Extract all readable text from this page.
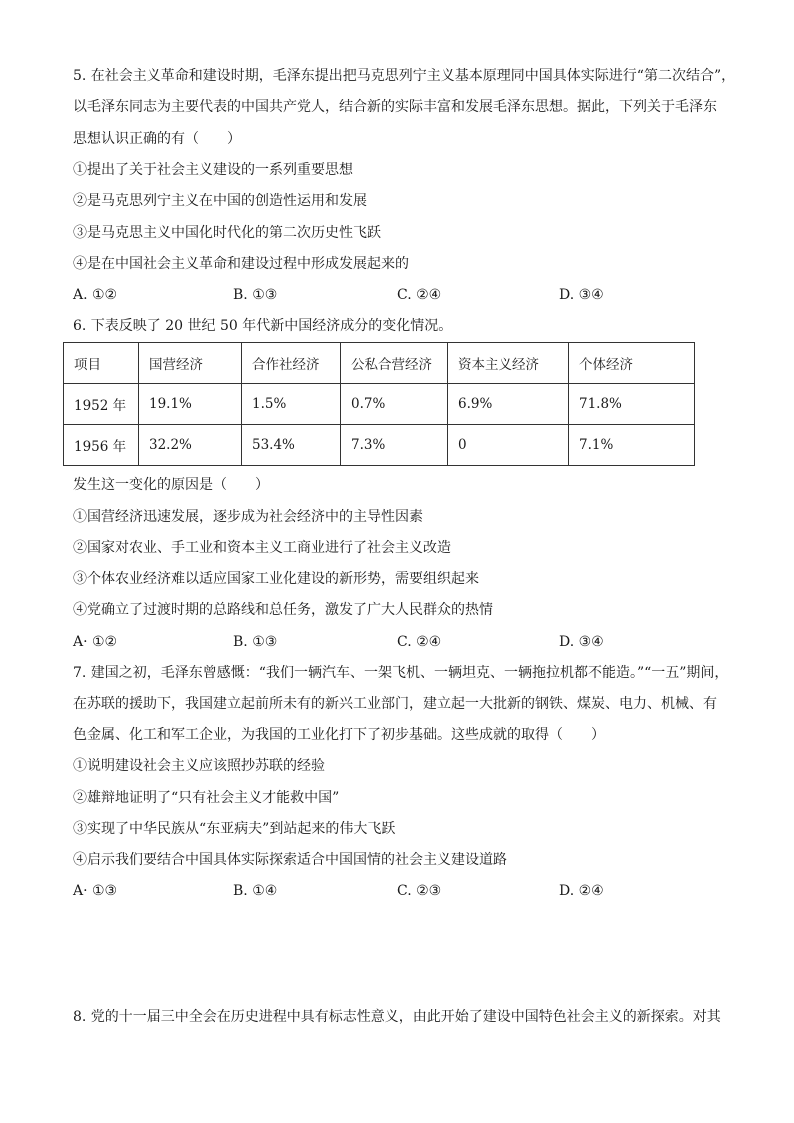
5. 在社会主义革命和建设时期，毛泽东提出把马克思列宁主义基本原理同中国具体实际进行“第二次结合”，
以毛泽东同志为主要代表的中国共产党人，结合新的实际丰富和发展毛泽东思想。据此，下列关于毛泽东
思想认识正确的有（　　）
①提出了关于社会主义建设的一系列重要思想
②是马克思列宁主义在中国的创造性运用和发展
③是马克思主义中国化时代化的第二次历史性飞跃
④是在中国社会主义革命和建设过程中形成发展起来的
A. ①②	B. ①③	C. ②④	D. ③④
6. 下表反映了 20 世纪 50 年代新中国经济成分的变化情况。
项目	国营经济	合作社经济	公私合营经济	资本主义经济	个体经济
1952 年	19.1%	1.5%	0.7%	6.9%	71.8%
1956 年	32.2%	53.4%	7.3%	0	7.1%
发生这一变化的原因是（　　）
①国营经济迅速发展，逐步成为社会经济中的主导性因素
②国家对农业、手工业和资本主义工商业进行了社会主义改造
③个体农业经济难以适应国家工业化建设的新形势，需要组织起来
④党确立了过渡时期的总路线和总任务，激发了广大人民群众的热情
A· ①②	B. ①③	C. ②④	D. ③④
7. 建国之初，毛泽东曾感慨：“我们一辆汽车、一架飞机、一辆坦克、一辆拖拉机都不能造。”“一五”期间，
在苏联的援助下，我国建立起前所未有的新兴工业部门，建立起一大批新的钢铁、煤炭、电力、机械、有
色金属、化工和军工企业，为我国的工业化打下了初步基础。这些成就的取得（　　）
①说明建设社会主义应该照抄苏联的经验
②雄辩地证明了“只有社会主义才能救中国”
③实现了中华民族从“东亚病夫”到站起来的伟大飞跃
④启示我们要结合中国具体实际探索适合中国国情的社会主义建设道路
A· ①③	B. ①④	C. ②③	D. ②④
8. 党的十一届三中全会在历史进程中具有标志性意义，由此开始了建设中国特色社会主义的新探索。对其
